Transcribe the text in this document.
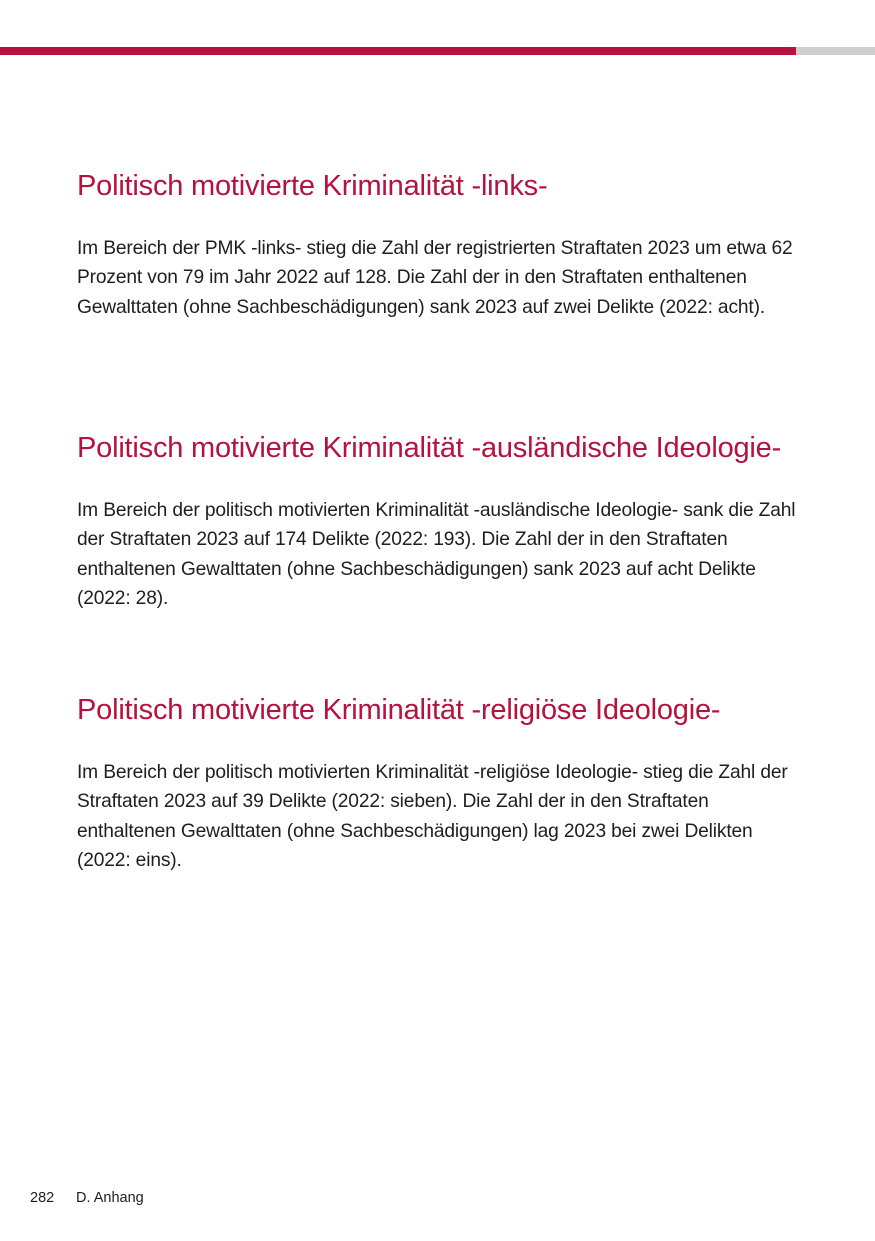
Politisch motivierte Kriminalität -links-

Im Bereich der PMK -links- stieg die Zahl der registrierten Straftaten 2023 um etwa 62 Prozent von 79 im Jahr 2022 auf 128. Die Zahl der in den Straftaten enthaltenen Gewalttaten (ohne Sachbeschädigungen) sank 2023 auf zwei Delikte (2022: acht).

Politisch motivierte Kriminalität -ausländische Ideologie-

Im Bereich der politisch motivierten Kriminalität -ausländische Ideologie- sank die Zahl der Straftaten 2023 auf 174 Delikte (2022: 193). Die Zahl der in den Straftaten enthaltenen Gewalttaten (ohne Sachbeschädigungen) sank 2023 auf acht Delikte (2022: 28).

Politisch motivierte Kriminalität -religiöse Ideologie-

Im Bereich der politisch motivierten Kriminalität -religiöse Ideologie- stieg die Zahl der Straftaten 2023 auf 39 Delikte (2022: sieben). Die Zahl der in den Straftaten enthaltenen Gewalttaten (ohne Sachbeschädigungen) lag 2023 bei zwei Delikten (2022: eins).

282 D. Anhang
